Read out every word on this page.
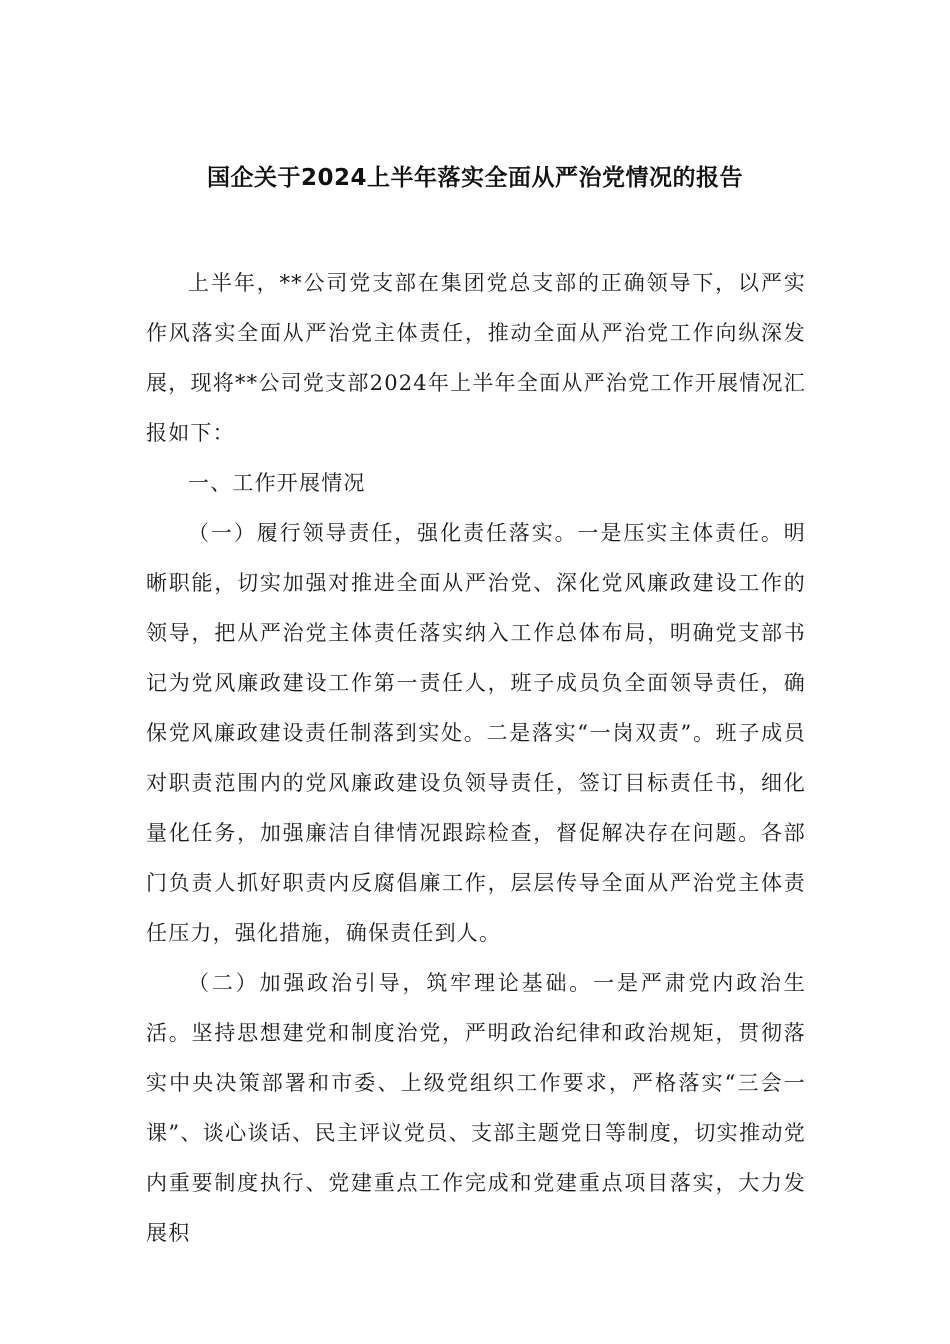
国企关于2024上半年落实全面从严治党情况的报告

上半年，**公司党支部在集团党总支部的正确领导下，以严实作风落实全面从严治党主体责任，推动全面从严治党工作向纵深发展，现将**公司党支部2024年上半年全面从严治党工作开展情况汇报如下：

一、工作开展情况

（一）履行领导责任，强化责任落实。一是压实主体责任。明晰职能，切实加强对推进全面从严治党、深化党风廉政建设工作的领导，把从严治党主体责任落实纳入工作总体布局，明确党支部书记为党风廉政建设工作第一责任人，班子成员负全面领导责任，确保党风廉政建设责任制落到实处。二是落实“一岗双责”。班子成员对职责范围内的党风廉政建设负领导责任，签订目标责任书，细化量化任务，加强廉洁自律情况跟踪检查，督促解决存在问题。各部门负责人抓好职责内反腐倡廉工作，层层传导全面从严治党主体责任压力，强化措施，确保责任到人。

（二）加强政治引导，筑牢理论基础。一是严肃党内政治生活。坚持思想建党和制度治党，严明政治纪律和政治规矩，贯彻落实中央决策部署和市委、上级党组织工作要求，严格落实“三会一课”、谈心谈话、民主评议党员、支部主题党日等制度，切实推动党内重要制度执行、党建重点工作完成和党建重点项目落实，大力发展积
